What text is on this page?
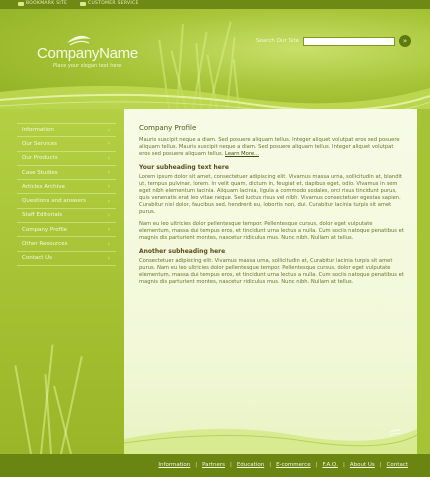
BOOKMARK SITE	CUSTOMER SERVICE
CompanyName
Place your slogan text here
Search Our Site	»
Information	›
Our Services	›
Our Products	›
Case Studies	›
Articles Archive	›
Questions and answers	›
Staff Editorials	›
Company Profile	›
Other Resources	›
Contact Us	›
Company Profile

Mauris suscipit neque a diam. Sed posuere aliquam tellus. Integer aliquet volutpat eros sed posuere aliquam tellus. Mauris suscipit neque a diam. Sed posuere aliquam tellus. Integer aliquet volutpat eros sed posuere aliquam tellus. Learn More...

Your subheading text here

Lorem ipsum dolor sit amet, consectetuer adipiscing elit. Vivamus massa urna, sollicitudin at, blandit ut, tempus pulvinar, lorem. In velit quam, dictum in, feugiat et, dapibus eget, odio. Vivamus in sem eget nibh elementum lacinia. Aliquam lacinia, ligula a commodo sodales, orci risus tincidunt purus, quis venenatis erat leo vitae neque. Sed luctus risus vel nibh. Vivamus consectetuer egestas sapien. Curabitur nisl dolor, faucibus sed, hendrerit eu, lobortis non, dui. Curabitur lacinia turpis sit amet purus.

Nam eu leo ultricies dolor pellentesque tempor. Pellentesque cursus, dolor eget vulputate elementum, massa dui tempus eros, et tincidunt urna lectus a nulla. Cum sociis natoque penatibus et magnis dis parturient montes, nascetur ridiculus mus. Nunc nibh. Nullam at tellus.

Another subheading here

Consectetuer adipiscing elit. Vivamus massa urna, sollicitudin at, Curabitur lacinia turpis sit amet purus. Nam eu leo ultricies dolor pellentesque tempor. Pellentesque cursus, dolor eget vulputate elementum, massa dui tempus eros, et tincidunt urna lectus a nulla. Cum sociis natoque penatibus et magnis dis parturient montes, nascetur ridiculus mus. Nunc nibh. Nullam at tellus.

Information | Partners | Education | E-commerce | F.A.Q. | About Us | Contact
